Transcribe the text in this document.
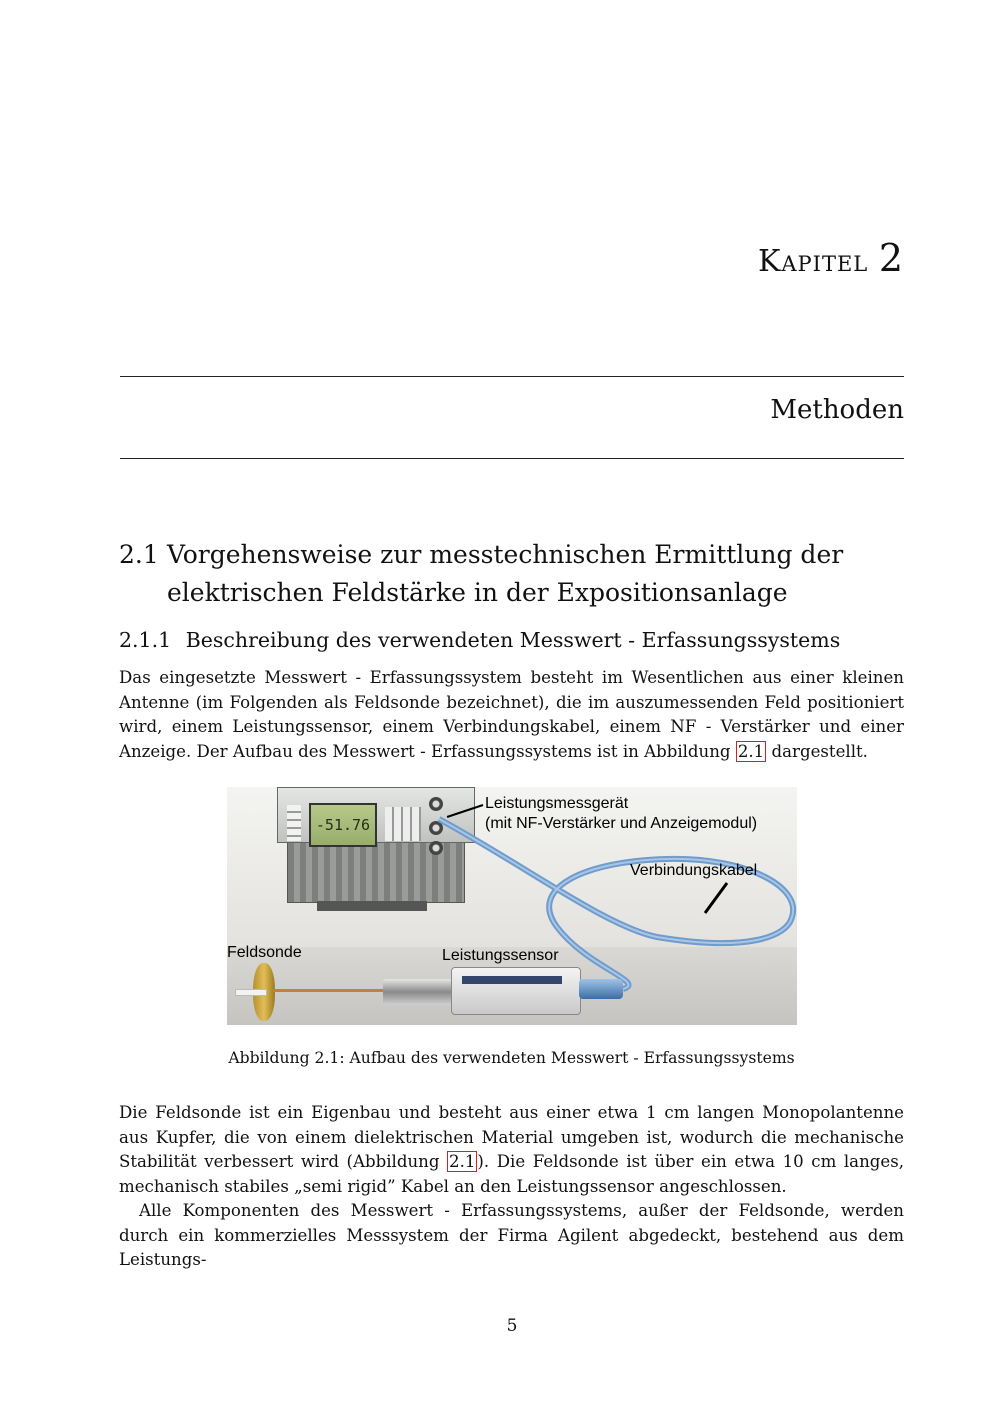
Kapitel 2
Methoden
2.1 Vorgehensweise zur messtechnischen Ermittlung der
elektrischen Feldstärke in der Expositionsanlage
2.1.1 Beschreibung des verwendeten Messwert - Erfassungssystems
Das eingesetzte Messwert - Erfassungssystem besteht im Wesentlichen aus einer kleinen Antenne (im Folgenden als Feldsonde bezeichnet), die im auszumessenden Feld positioniert wird, einem Leistungssensor, einem Verbindungskabel, einem NF - Verstärker und einer Anzeige. Der Aufbau des Messwert - Erfassungssystems ist in Abbildung 2.1 dargestellt.
-51.76
Leistungsmessgerät
(mit NF-Verstärker und Anzeigemodul)
Verbindungskabel
Feldsonde	Leistungssensor
Abbildung 2.1: Aufbau des verwendeten Messwert - Erfassungssystems
Die Feldsonde ist ein Eigenbau und besteht aus einer etwa 1 cm langen Monopolantenne aus Kupfer, die von einem dielektrischen Material umgeben ist, wodurch die mechanische Stabilität verbessert wird (Abbildung 2.1 ). Die Feldsonde ist über ein etwa 10 cm langes, mechanisch stabiles „semi rigid” Kabel an den Leistungssensor angeschlossen.
Alle Komponenten des Messwert - Erfassungssystems, außer der Feldsonde, werden durch ein kommerzielles Messsystem der Firma Agilent abgedeckt, bestehend aus dem Leistungs-
5
